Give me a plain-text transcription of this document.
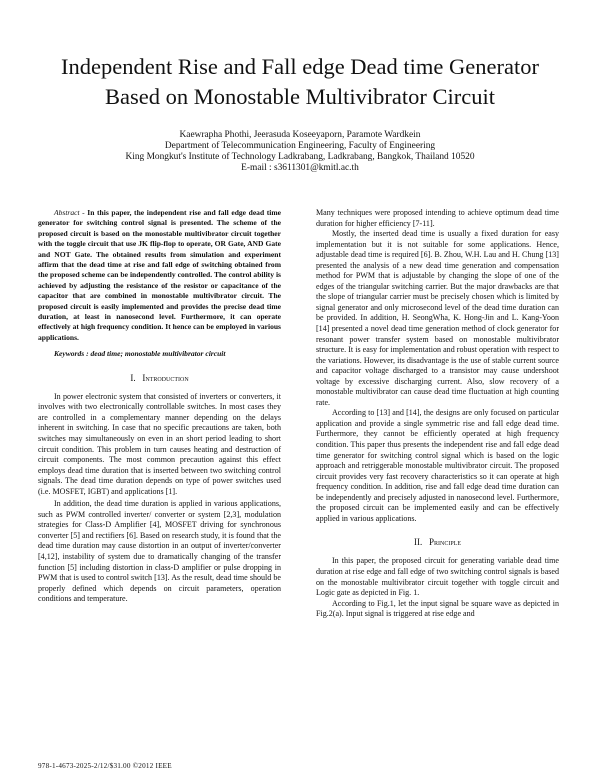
Independent Rise and Fall edge Dead time Generator
Based on Monostable Multivibrator Circuit
Kaewrapha Phothi, Jeerasuda Koseeyaporn, Paramote Wardkein
Department of Telecommunication Engineering, Faculty of Engineering
King Mongkut's Institute of Technology Ladkrabang, Ladkrabang, Bangkok, Thailand 10520
E-mail : s3611301@kmitl.ac.th

Abstract - In this paper, the independent rise and fall edge dead time generator for switching control signal is presented. The scheme of the proposed circuit is based on the monostable multivibrator circuit together with the toggle circuit that use JK flip-flop to operate, OR Gate, AND Gate and NOT Gate. The obtained results from simulation and experiment affirm that the dead time at rise and fall edge of switching obtained from the proposed scheme can be independently controlled. The control ability is achieved by adjusting the resistance of the resistor or capacitance of the capacitor that are combined in monostable multivibrator circuit. The proposed circuit is easily implemented and provides the precise dead time duration, at least in nanosecond level. Furthermore, it can operate effectively at high frequency condition. It hence can be employed in various applications.

Keywords : dead time; monostable multivibrator circuit

I. Introduction

In power electronic system that consisted of inverters or converters, it involves with two electronically controllable switches. In most cases they are controlled in a complementary manner depending on the delays inherent in switching. In case that no specific precautions are taken, both switches may simultaneously on even in an short period leading to short circuit condition. This problem in turn causes heating and destruction of circuit components. The most common precaution against this effect employs dead time duration that is inserted between two switching control signals. The dead time duration depends on type of power switches used (i.e. MOSFET, IGBT) and applications [1].

In addition, the dead time duration is applied in various applications, such as PWM controlled inverter/ converter or system [2,3], modulation strategies for Class-D Amplifier [4], MOSFET driving for synchronous converter [5] and rectifiers [6]. Based on research study, it is found that the dead time duration may cause distortion in an output of inverter/converter [4,12], instability of system due to dramatically changing of the transfer function [5] including distortion in class-D amplifier or pulse dropping in PWM that is used to control switch [13]. As the result, dead time should be properly defined which depends on circuit parameters, operation conditions and temperature.

Many techniques were proposed intending to achieve optimum dead time duration for higher efficiency [7-11].

Mostly, the inserted dead time is usually a fixed duration for easy implementation but it is not suitable for some applications. Hence, adjustable dead time is required [6]. B. Zhou, W.H. Lau and H. Chung [13] presented the analysis of a new dead time generation and compensation method for PWM that is adjustable by changing the slope of one of the edges of the triangular switching carrier. But the major drawbacks are that the slope of triangular carrier must be precisely chosen which is limited by signal generator and only microsecond level of the dead time duration can be provided. In addition, H. SeongWha, K. Hong-Jin and L. Kang-Yoon [14] presented a novel dead time generation method of clock generator for resonant power transfer system based on monostable multivibrator structure. It is easy for implementation and robust operation with respect to the variations. However, its disadvantage is the use of stable current source and capacitor voltage discharged to a transistor may cause undershoot voltage by excessive discharging current. Also, slow recovery of a monostable multivibrator can cause dead time fluctuation at high counting rate.

According to [13] and [14], the designs are only focused on particular application and provide a single symmetric rise and fall edge dead time. Furthermore, they cannot be efficiently operated at high frequency condition. This paper thus presents the independent rise and fall edge dead time generator for switching control signal which is based on the logic approach and retriggerable monostable multivibrator circuit. The proposed circuit provides very fast recovery characteristics so it can operate at high frequency condition. In addition, rise and fall edge dead time duration can be independently and precisely adjusted in nanosecond level. Furthermore, the proposed circuit can be implemented easily and can be effectively applied in various applications.

II. Principle

In this paper, the proposed circuit for generating variable dead time duration at rise edge and fall edge of two switching control signals is based on the monostable multivibrator circuit together with toggle circuit and Logic gate as depicted in Fig. 1.

According to Fig.1, let the input signal be square wave as depicted in Fig.2(a). Input signal is triggered at rise edge and

978-1-4673-2025-2/12/$31.00 ©2012 IEEE
